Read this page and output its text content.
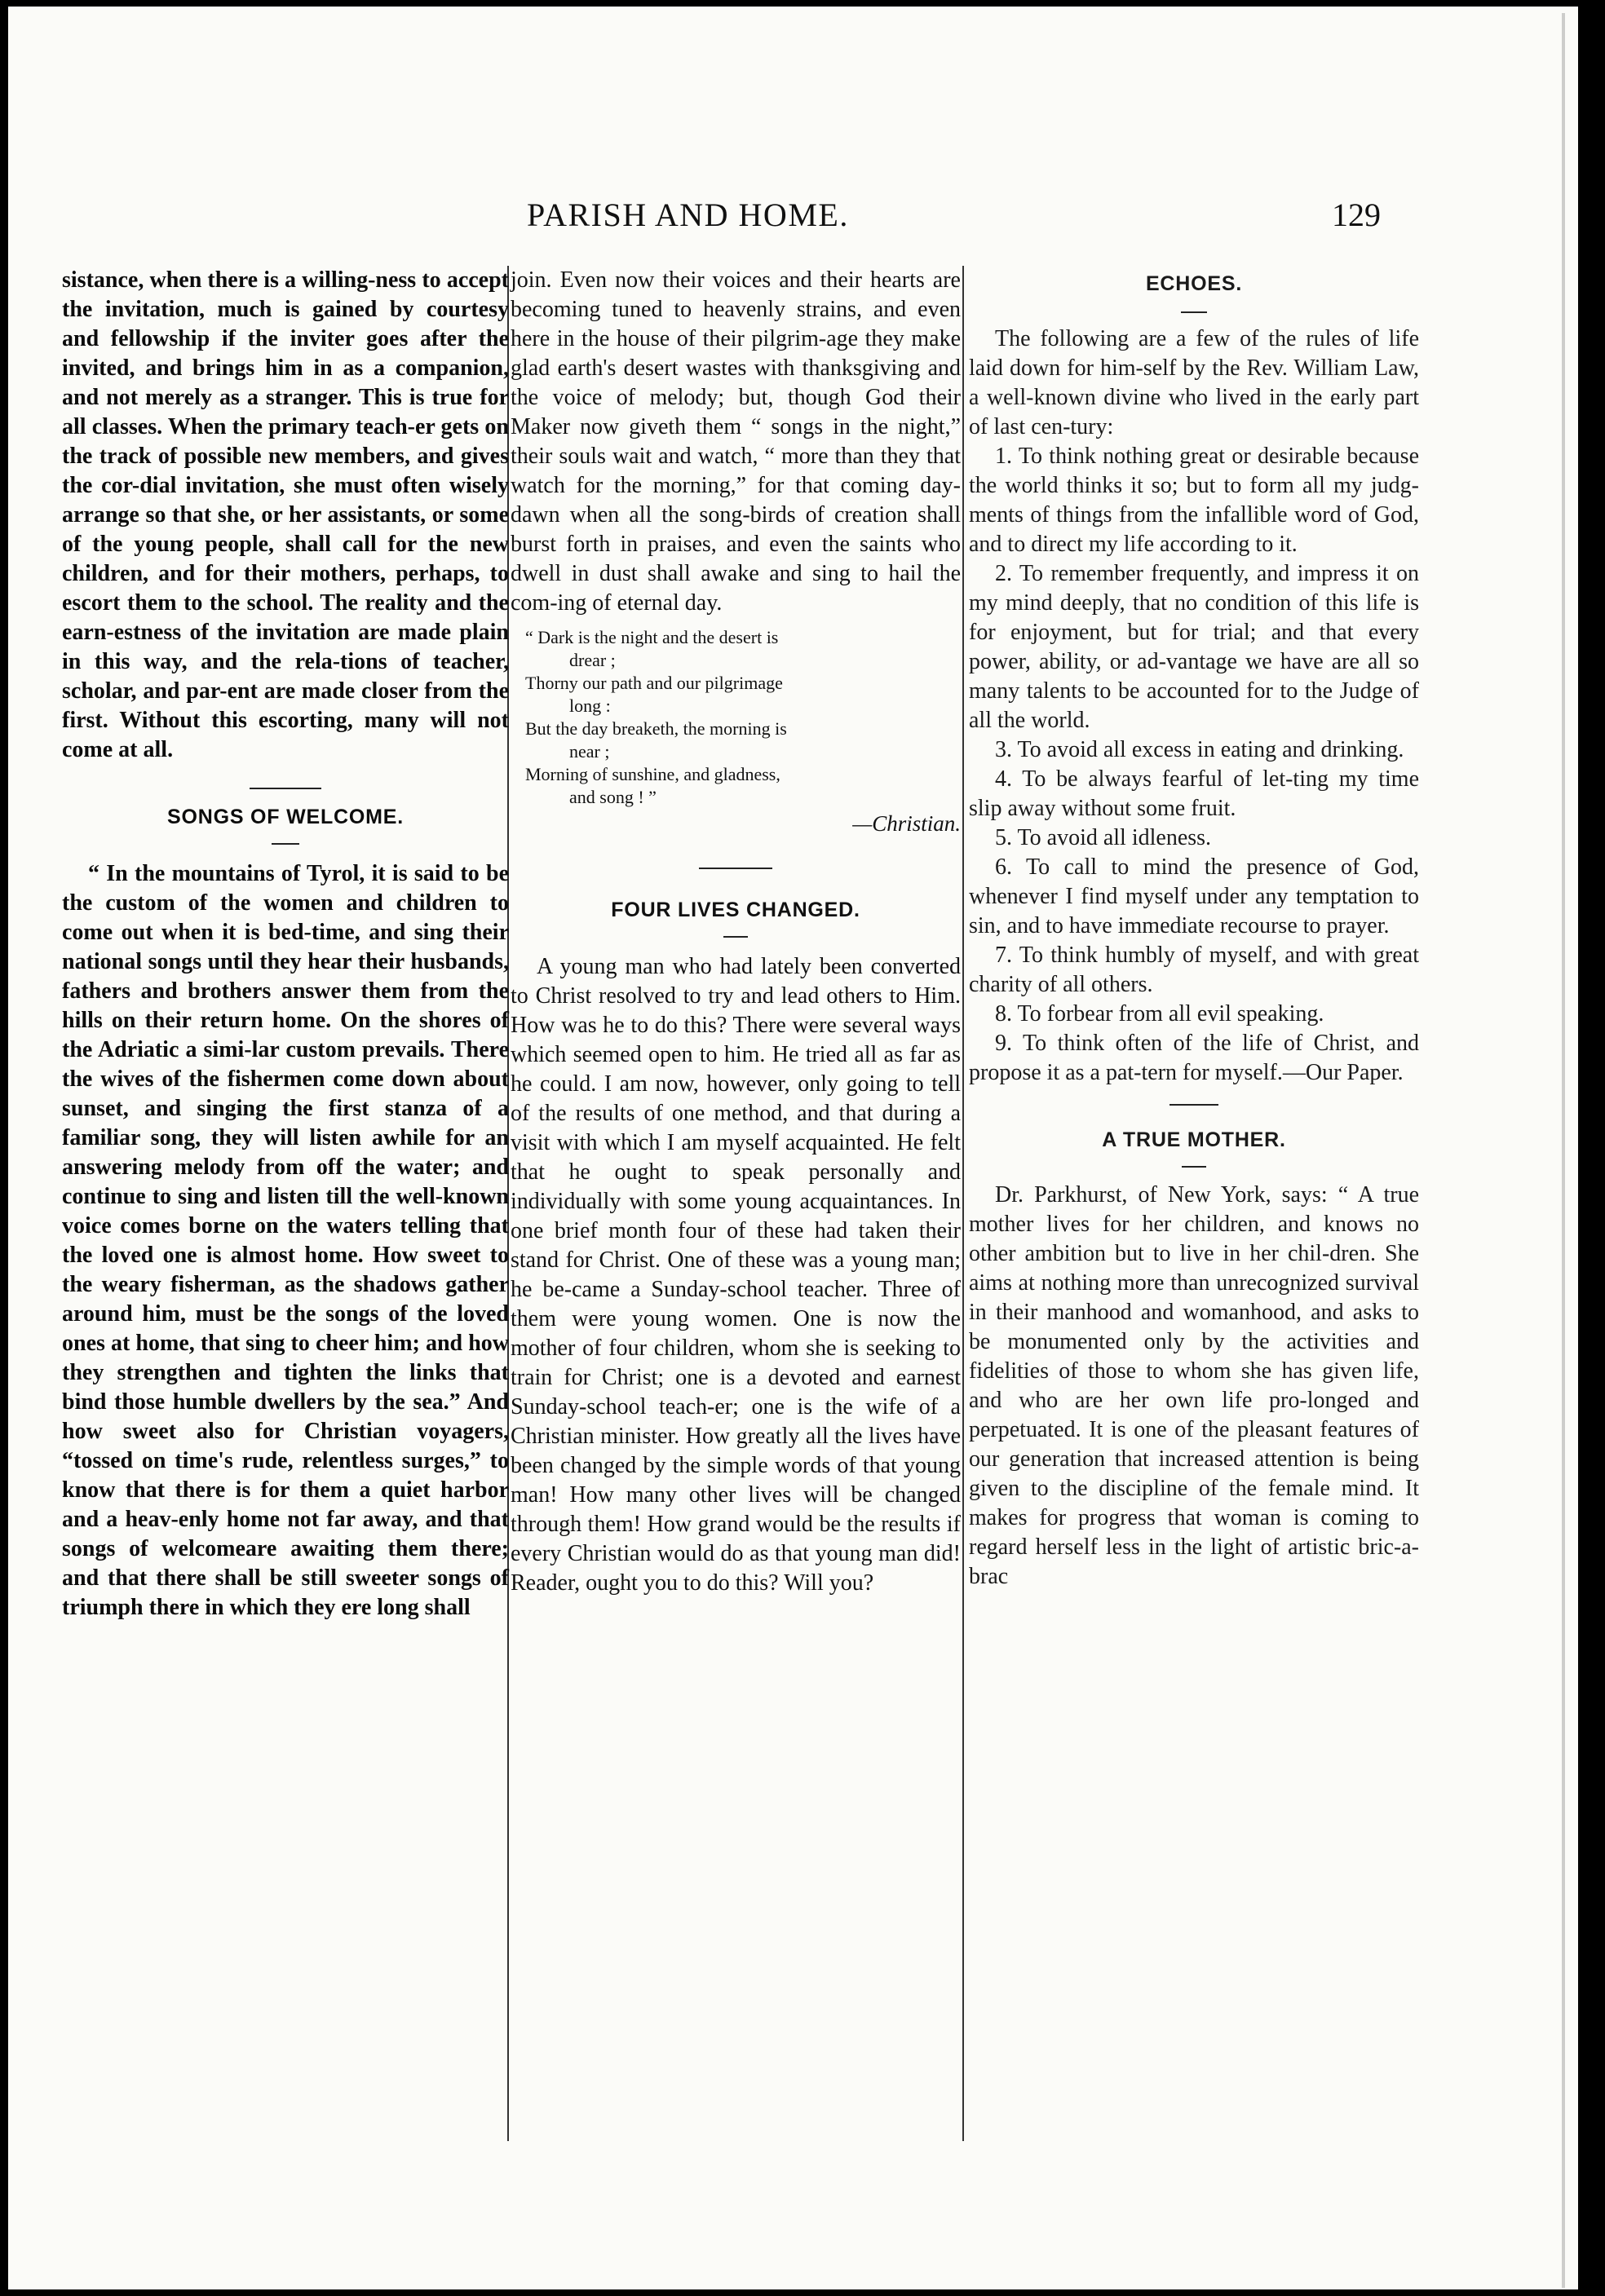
PARISH AND HOME.	129

sistance, when there is a willing-ness to accept the invitation, much is gained by courtesy and fellowship if the inviter goes after the invited, and brings him in as a companion, and not merely as a stranger. This is true for all classes. When the primary teach-er gets on the track of possible new members, and gives the cor-dial invitation, she must often wisely arrange so that she, or her assistants, or some of the young people, shall call for the new children, and for their mothers, perhaps, to escort them to the school. The reality and the earn-estness of the invitation are made plain in this way, and the rela-tions of teacher, scholar, and par-ent are made closer from the first. Without this escorting, many will not come at all.

SONGS OF WELCOME.

“ In the mountains of Tyrol, it is said to be the custom of the women and children to come out when it is bed-time, and sing their national songs until they hear their husbands, fathers and brothers answer them from the hills on their return home. On the shores of the Adriatic a simi-lar custom prevails. There the wives of the fishermen come down about sunset, and singing the first stanza of a familiar song, they will listen awhile for an answering melody from off the water; and continue to sing and listen till the well-known voice comes borne on the waters telling that the loved one is almost home. How sweet to the weary fisherman, as the shadows gather around him, must be the songs of the loved ones at home, that sing to cheer him; and how they strengthen and tighten the links that bind those humble dwellers by the sea.” And how sweet also for Christian voyagers, “tossed on time's rude, relentless surges,” to know that there is for them a quiet harbor and a heav-enly home not far away, and that songs of welcomeare awaiting them there; and that there shall be still sweeter songs of triumph there in which they ere long shall

join. Even now their voices and their hearts are becoming tuned to heavenly strains, and even here in the house of their pilgrim-age they make glad earth's desert wastes with thanksgiving and the voice of melody; but, though God their Maker now giveth them “ songs in the night,” their souls wait and watch, “ more than they that watch for the morning,” for that coming day-dawn when all the song-birds of creation shall burst forth in praises, and even the saints who dwell in dust shall awake and sing to hail the com-ing of eternal day.

“ Dark is the night and the desert is

drear ;

Thorny our path and our pilgrimage

long :

But the day breaketh, the morning is

near ;

Morning of sunshine, and gladness,

and song ! ”

—Christian.

FOUR LIVES CHANGED.

A young man who had lately been converted to Christ resolved to try and lead others to Him. How was he to do this? There were several ways which seemed open to him. He tried all as far as he could. I am now, however, only going to tell of the results of one method, and that during a visit with which I am myself acquainted. He felt that he ought to speak personally and individually with some young acquaintances. In one brief month four of these had taken their stand for Christ. One of these was a young man; he be-came a Sunday-school teacher. Three of them were young women. One is now the mother of four children, whom she is seeking to train for Christ; one is a devoted and earnest Sunday-school teach-er; one is the wife of a Christian minister. How greatly all the lives have been changed by the simple words of that young man! How many other lives will be changed through them! How grand would be the results if every Christian would do as that young man did! Reader, ought you to do this? Will you?

ECHOES.

The following are a few of the rules of life laid down for him-self by the Rev. William Law, a well-known divine who lived in the early part of last cen-tury:

1. To think nothing great or desirable because the world thinks it so; but to form all my judg-ments of things from the infallible word of God, and to direct my life according to it.

2. To remember frequently, and impress it on my mind deeply, that no condition of this life is for enjoyment, but for trial; and that every power, ability, or ad-vantage we have are all so many talents to be accounted for to the Judge of all the world.

3. To avoid all excess in eating and drinking.

4. To be always fearful of let-ting my time slip away without some fruit.

5. To avoid all idleness.

6. To call to mind the presence of God, whenever I find myself under any temptation to sin, and to have immediate recourse to prayer.

7. To think humbly of myself, and with great charity of all others.

8. To forbear from all evil speaking.

9. To think often of the life of Christ, and propose it as a pat-tern for myself.—Our Paper.

A TRUE MOTHER.

Dr. Parkhurst, of New York, says: “ A true mother lives for her children, and knows no other ambition but to live in her chil-dren. She aims at nothing more than unrecognized survival in their manhood and womanhood, and asks to be monumented only by the activities and fidelities of those to whom she has given life, and who are her own life pro-longed and perpetuated. It is one of the pleasant features of our generation that increased attention is being given to the discipline of the female mind. It makes for progress that woman is coming to regard herself less in the light of artistic bric-a-brac
